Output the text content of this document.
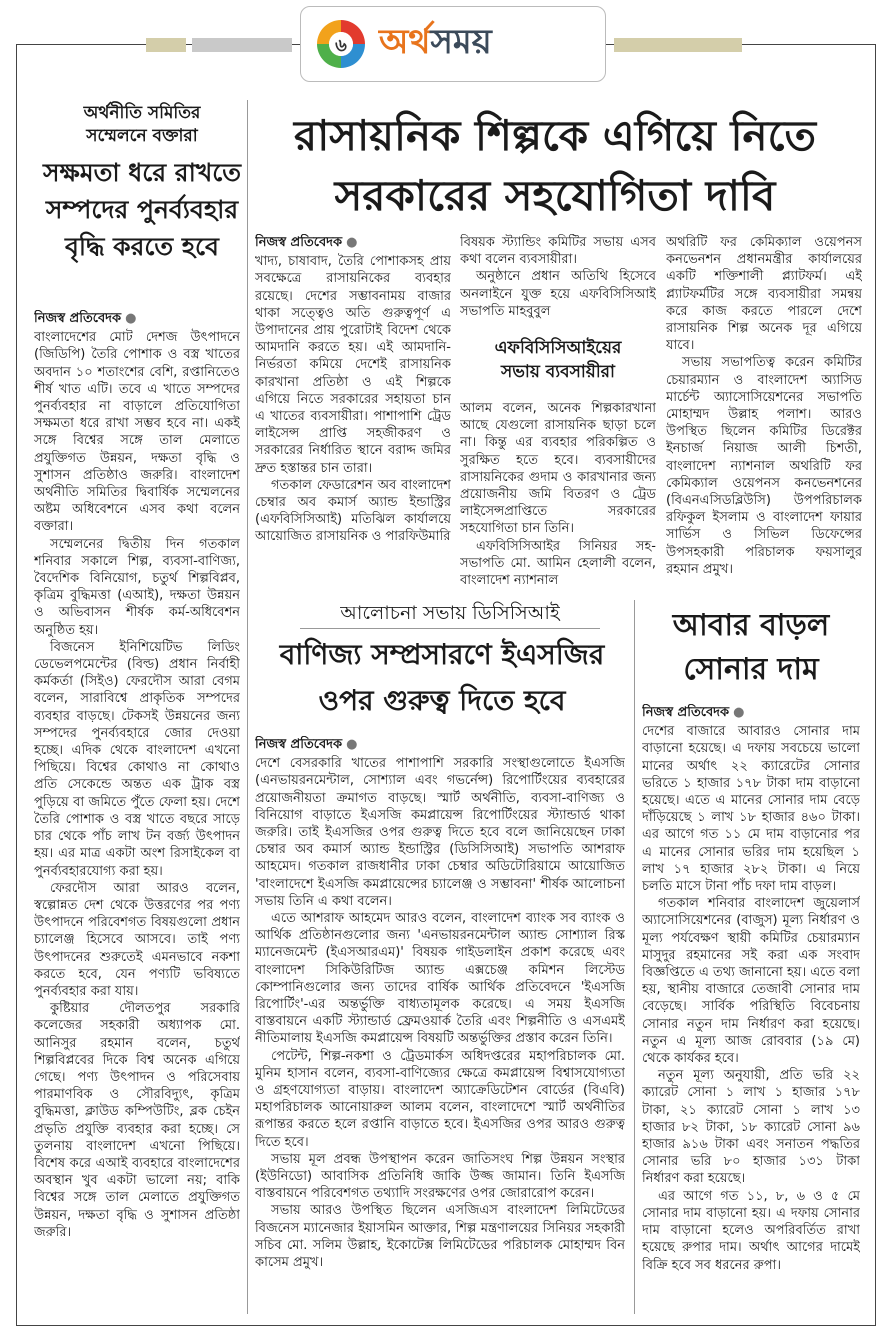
৬ অর্থসময়
অর্থনীতি সমিতির সম্মেলনে বক্তারা
সক্ষমতা ধরে রাখতে সম্পদের পুনর্ব্যবহার বৃদ্ধি করতে হবে
নিজস্ব প্রতিবেদক ●

বাংলাদেশের মোট দেশজ উৎপাদনে (জিডিপি) তৈরি পোশাক ও বস্ত্র খাতের অবদান ১০ শতাংশের বেশি, রপ্তানিতেও শীর্ষ খাত এটি। তবে এ খাতে সম্পদের পুনর্ব্যবহার না বাড়ালে প্রতিযোগিতা সক্ষমতা ধরে রাখা সম্ভব হবে না। একই সঙ্গে বিশ্বের সঙ্গে তাল মেলাতে প্রযুক্তিগত উন্নয়ন, দক্ষতা বৃদ্ধি ও সুশাসন প্রতিষ্ঠাও জরুরি। বাংলাদেশ অর্থনীতি সমিতির দ্বিবার্ষিক সম্মেলনের অষ্টম অধিবেশনে এসব কথা বলেন বক্তারা।

সম্মেলনের দ্বিতীয় দিন গতকাল শনিবার সকালে শিল্প, ব্যবসা-বাণিজ্য, বৈদেশিক বিনিয়োগ, চতুর্থ শিল্পবিপ্লব, কৃত্রিম বুদ্ধিমত্তা (এআই), দক্ষতা উন্নয়ন ও অভিবাসন শীর্ষক কর্ম-অধিবেশন অনুষ্ঠিত হয়।

বিজনেস ইনিশিয়েটিভ লিডিং ডেভেলপমেন্টের (বিল্ড) প্রধান নির্বাহী কর্মকর্তা (সিইও) ফেরদৌস আরা বেগম বলেন, সারাবিশ্বে প্রাকৃতিক সম্পদের ব্যবহার বাড়ছে। টেকসই উন্নয়নের জন্য সম্পদের পুনর্ব্যবহারে জোর দেওয়া হচ্ছে। এদিক থেকে বাংলাদেশ এখনো পিছিয়ে। বিশ্বের কোথাও না কোথাও প্রতি সেকেন্ডে অন্তত এক ট্রাক বস্ত্র পুড়িয়ে বা জমিতে পুঁতে ফেলা হয়। দেশে তৈরি পোশাক ও বস্ত্র খাতে বছরে সাড়ে চার থেকে পাঁচ লাখ টন বর্জ্য উৎপাদন হয়। এর মাত্র একটা অংশ রিসাইকেল বা পুনর্ব্যবহারযোগ্য করা হয়।

ফেরদৌস আরা আরও বলেন, স্বল্পোন্নত দেশ থেকে উত্তরণের পর পণ্য উৎপাদনে পরিবেশগত বিষয়গুলো প্রধান চ্যালেঞ্জ হিসেবে আসবে। তাই পণ্য উৎপাদনের শুরুতেই এমনভাবে নকশা করতে হবে, যেন পণ্যটি ভবিষ্যতে পুনর্ব্যবহার করা যায়।

কুষ্টিয়ার দৌলতপুর সরকারি কলেজের সহকারী অধ্যাপক মো. আনিসুর রহমান বলেন, চতুর্থ শিল্পবিপ্লবের দিকে বিশ্ব অনেক এগিয়ে গেছে। পণ্য উৎপাদন ও পরিসেবায় পারমাণবিক ও সৌরবিদ্যুৎ, কৃত্রিম বুদ্ধিমত্তা, ক্লাউড কম্পিউটিং, ব্লক চেইন প্রভৃতি প্রযুক্তি ব্যবহার করা হচ্ছে। সে তুলনায় বাংলাদেশ এখনো পিছিয়ে। বিশেষ করে এআই ব্যবহারে বাংলাদেশের অবস্থান খুব একটা ভালো নয়; বাকি বিশ্বের সঙ্গে তাল মেলাতে প্রযুক্তিগত উন্নয়ন, দক্ষতা বৃদ্ধি ও সুশাসন প্রতিষ্ঠা জরুরি।

রাসায়নিক শিল্পকে এগিয়ে নিতে
সরকারের সহযোগিতা দাবি
নিজস্ব প্রতিবেদক ●

খাদ্য, চাষাবাদ, তৈরি পোশাকসহ প্রায় সবক্ষেত্রে রাসায়নিকের ব্যবহার রয়েছে। দেশের সম্ভাবনাময় বাজার থাকা সত্ত্বেও অতি গুরুত্বপূর্ণ এ উপাদানের প্রায় পুরোটাই বিদেশ থেকে আমদানি করতে হয়। এই আমদানি-নির্ভরতা কমিয়ে দেশেই রাসায়নিক কারখানা প্রতিষ্ঠা ও এই শিল্পকে এগিয়ে নিতে সরকারের সহায়তা চান এ খাতের ব্যবসায়ীরা। পাশাপাশি ট্রেড লাইসেন্স প্রাপ্তি সহজীকরণ ও সরকারের নির্ধারিত স্থানে বরাদ্দ জমির দ্রুত হস্তান্তর চান তারা।

গতকাল ফেডারেশন অব বাংলাদেশ চেম্বার অব কমার্স অ্যান্ড ইন্ডাস্ট্রির (এফবিসিসিআই) মতিঝিল কার্যালয়ে আয়োজিত রাসায়নিক ও পারফিউমারি

বিষয়ক স্ট্যান্ডিং কমিটির সভায় এসব কথা বলেন ব্যবসায়ীরা।

অনুষ্ঠানে প্রধান অতিথি হিসেবে অনলাইনে যুক্ত হয়ে এফবিসিসিআই সভাপতি মাহবুবুল

এফবিসিসিআইয়ের সভায় ব্যবসায়ীরা

আলম বলেন, অনেক শিল্পকারখানা আছে যেগুলো রাসায়নিক ছাড়া চলে না। কিন্তু এর ব্যবহার পরিকল্পিত ও সুরক্ষিত হতে হবে। ব্যবসায়ীদের রাসায়নিকের গুদাম ও কারখানার জন্য প্রয়োজনীয় জমি বিতরণ ও ট্রেড লাইসেন্সপ্রাপ্তিতে সরকারের সহযোগিতা চান তিনি।

এফবিসিসিআইর সিনিয়র সহ-সভাপতি মো. আমিন হেলালী বলেন, বাংলাদেশ ন্যাশনাল

অথরিটি ফর কেমিক্যাল ওয়েপনস কনভেনশন প্রধানমন্ত্রীর কার্যালয়ের একটি শক্তিশালী প্ল্যাটফর্ম। এই প্ল্যাটফর্মটির সঙ্গে ব্যবসায়ীরা সমন্বয় করে কাজ করতে পারলে দেশে রাসায়নিক শিল্প অনেক দূর এগিয়ে যাবে।

সভায় সভাপতিত্ব করেন কমিটির চেয়ারম্যান ও বাংলাদেশ অ্যাসিড মার্চেন্ট অ্যাসোসিয়েশনের সভাপতি মোহাম্মদ উল্লাহ পলাশ। আরও উপস্থিত ছিলেন কমিটির ডিরেক্টর ইনচার্জ নিয়াজ আলী চিশতী, বাংলাদেশ ন্যাশনাল অথরিটি ফর কেমিক্যাল ওয়েপনস কনভেনশনের (বিএনএসিডব্লিউসি) উপপরিচালক রফিকুল ইসলাম ও বাংলাদেশ ফায়ার সার্ভিস ও সিভিল ডিফেন্সের উপসহকারী পরিচালক ফয়সালুর রহমান প্রমুখ।

আলোচনা সভায় ডিসিসিআই
বাণিজ্য সম্প্রসারণে ইএসজির
ওপর গুরুত্ব দিতে হবে
নিজস্ব প্রতিবেদক ●

দেশে বেসরকারি খাতের পাশাপাশি সরকারি সংস্থাগুলোতে ইএসজি (এনভায়রনমেন্টাল, সোশ্যাল এবং গভর্নেন্স) রিপোর্টিংয়ের ব্যবহারের প্রয়োজনীয়তা ক্রমাগত বাড়ছে। স্মার্ট অর্থনীতি, ব্যবসা-বাণিজ্য ও বিনিয়োগ বাড়াতে ইএসজি কমপ্লায়েন্স রিপোর্টিংয়ের স্ট্যান্ডার্ড থাকা জরুরি। তাই ইএসজির ওপর গুরুত্ব দিতে হবে বলে জানিয়েছেন ঢাকা চেম্বার অব কমার্স অ্যান্ড ইন্ডাস্ট্রির (ডিসিসিআই) সভাপতি আশরাফ আহমেদ। গতকাল রাজধানীর ঢাকা চেম্বার অডিটোরিয়ামে আয়োজিত 'বাংলাদেশে ইএসজি কমপ্লায়েন্সের চ্যালেঞ্জ ও সম্ভাবনা' শীর্ষক আলোচনা সভায় তিনি এ কথা বলেন।

এতে আশরাফ আহমেদ আরও বলেন, বাংলাদেশ ব্যাংক সব ব্যাংক ও আর্থিক প্রতিষ্ঠানগুলোর জন্য 'এনভায়রনমেন্টাল অ্যান্ড সোশ্যাল রিস্ক ম্যানেজমেন্ট (ইএসআরএম)' বিষয়ক গাইডলাইন প্রকাশ করেছে এবং বাংলাদেশ সিকিউরিটিজ অ্যান্ড এক্সচেঞ্জ কমিশন লিস্টেড কোম্পানিগুলোর জন্য তাদের বার্ষিক আর্থিক প্রতিবেদনে 'ইএসজি রিপোর্টিং'-এর অন্তর্ভুক্তি বাধ্যতামূলক করেছে। এ সময় ইএসজি বাস্তবায়নে একটি স্ট্যান্ডার্ড ফ্রেমওয়ার্ক তৈরি এবং শিল্পনীতি ও এসএমই নীতিমালায় ইএসজি কমপ্লায়েন্স বিষয়টি অন্তর্ভুক্তির প্রস্তাব করেন তিনি।

পেটেন্ট, শিল্প-নকশা ও ট্রেডমার্কস অধিদপ্তরের মহাপরিচালক মো. মুনিম হাসান বলেন, ব্যবসা-বাণিজ্যের ক্ষেত্রে কমপ্লায়েন্স বিশ্বাসযোগ্যতা ও গ্রহণযোগ্যতা বাড়ায়। বাংলাদেশ অ্যাক্রেডিটেশন বোর্ডের (বিএবি) মহাপরিচালক আনোয়ারুল আলম বলেন, বাংলাদেশে স্মার্ট অর্থনীতির রূপান্তর করতে হলে রপ্তানি বাড়াতে হবে। ইএসজির ওপর আরও গুরুত্ব দিতে হবে।

সভায় মূল প্রবন্ধ উপস্থাপন করেন জাতিসংঘ শিল্প উন্নয়ন সংস্থার (ইউনিডো) আবাসিক প্রতিনিধি জাকি উজ্জ জামান। তিনি ইএসজি বাস্তবায়নে পরিবেশগত তথ্যাদি সংরক্ষণের ওপর জোরারোপ করেন।

সভায় আরও উপস্থিত ছিলেন এসজিএস বাংলাদেশ লিমিটেডের বিজনেস ম্যানেজার ইয়াসমিন আক্তার, শিল্প মন্ত্রণালয়ের সিনিয়র সহকারী সচিব মো. সলিম উল্লাহ, ইকোটেক্স লিমিটেডের পরিচালক মোহাম্মদ বিন কাসেম প্রমুখ।

আবার বাড়ল
সোনার দাম
নিজস্ব প্রতিবেদক ●

দেশের বাজারে আবারও সোনার দাম বাড়ানো হয়েছে। এ দফায় সবচেয়ে ভালো মানের অর্থাৎ ২২ ক্যারেটের সোনার ভরিতে ১ হাজার ১৭৮ টাকা দাম বাড়ানো হয়েছে। এতে এ মানের সোনার দাম বেড়ে দাঁড়িয়েছে ১ লাখ ১৮ হাজার ৪৬০ টাকা। এর আগে গত ১১ মে দাম বাড়ানোর পর এ মানের সোনার ভরির দাম হয়েছিল ১ লাখ ১৭ হাজার ২৮২ টাকা। এ নিয়ে চলতি মাসে টানা পাঁচ দফা দাম বাড়ল।

গতকাল শনিবার বাংলাদেশ জুয়েলার্স অ্যাসোসিয়েশনের (বাজুস) মূল্য নির্ধারণ ও মূল্য পর্যবেক্ষণ স্থায়ী কমিটির চেয়ারম্যান মাসুদুর রহমানের সই করা এক সংবাদ বিজ্ঞপ্তিতে এ তথ্য জানানো হয়। এতে বলা হয়, স্থানীয় বাজারে তেজাবী সোনার দাম বেড়েছে। সার্বিক পরিস্থিতি বিবেচনায় সোনার নতুন দাম নির্ধারণ করা হয়েছে। নতুন এ মূল্য আজ রোববার (১৯ মে) থেকে কার্যকর হবে।

নতুন মূল্য অনুযায়ী, প্রতি ভরি ২২ ক্যারেট সোনা ১ লাখ ১ হাজার ১৭৮ টাকা, ২১ ক্যারেট সোনা ১ লাখ ১৩ হাজার ৮২ টাকা, ১৮ ক্যারেট সোনা ৯৬ হাজার ৯১৬ টাকা এবং সনাতন পদ্ধতির সোনার ভরি ৮০ হাজার ১৩১ টাকা নির্ধারণ করা হয়েছে।

এর আগে গত ১১, ৮, ৬ ও ৫ মে সোনার দাম বাড়ানো হয়। এ দফায় সোনার দাম বাড়ানো হলেও অপরিবর্তিত রাখা হয়েছে রুপার দাম। অর্থাৎ আগের দামেই বিক্রি হবে সব ধরনের রুপা।
